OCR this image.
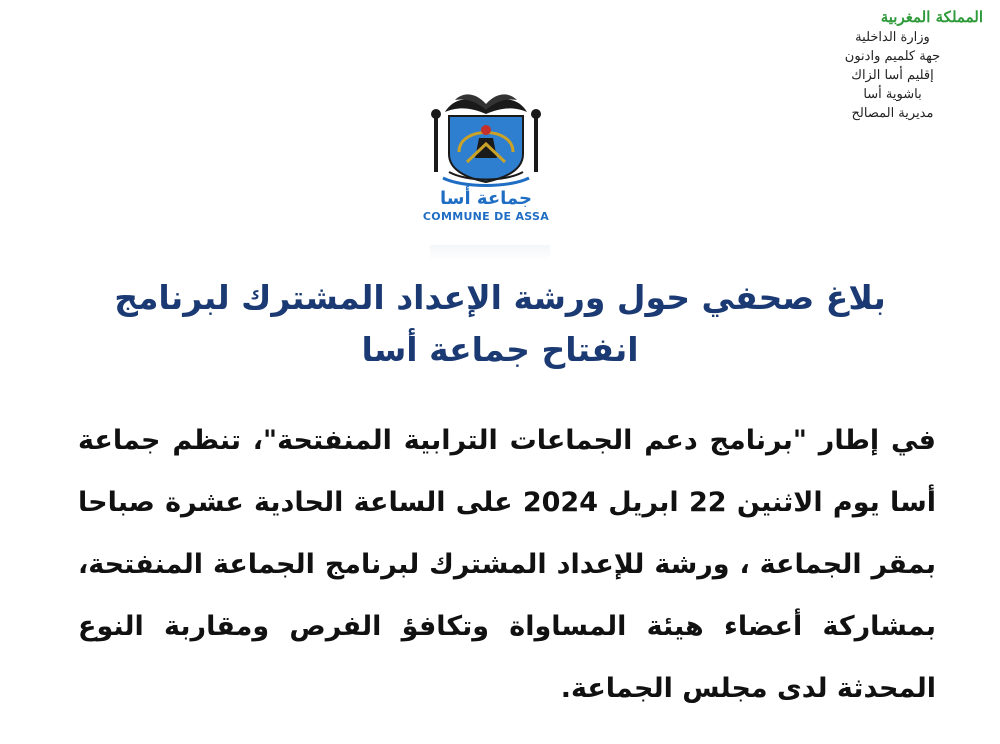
المملكة المغربية
وزارة الداخلية
جهة كلميم وادنون
إقليم أسا الزاك
باشوية أسا
مديرية المصالح
جماعة أسا
COMMUNE DE ASSA
بلاغ صحفي حول ورشة الإعداد المشترك لبرنامج
انفتاح جماعة أسا
في إطار "برنامج دعم الجماعات الترابية المنفتحة"، تنظم جماعة أسا يوم الاثنين 22 ابريل 2024 على الساعة الحادية عشرة صباحا بمقر الجماعة ، ورشة للإعداد المشترك لبرنامج الجماعة المنفتحة، بمشاركة أعضاء هيئة المساواة وتكافؤ الفرص ومقاربة النوع المحدثة لدى مجلس الجماعة.
